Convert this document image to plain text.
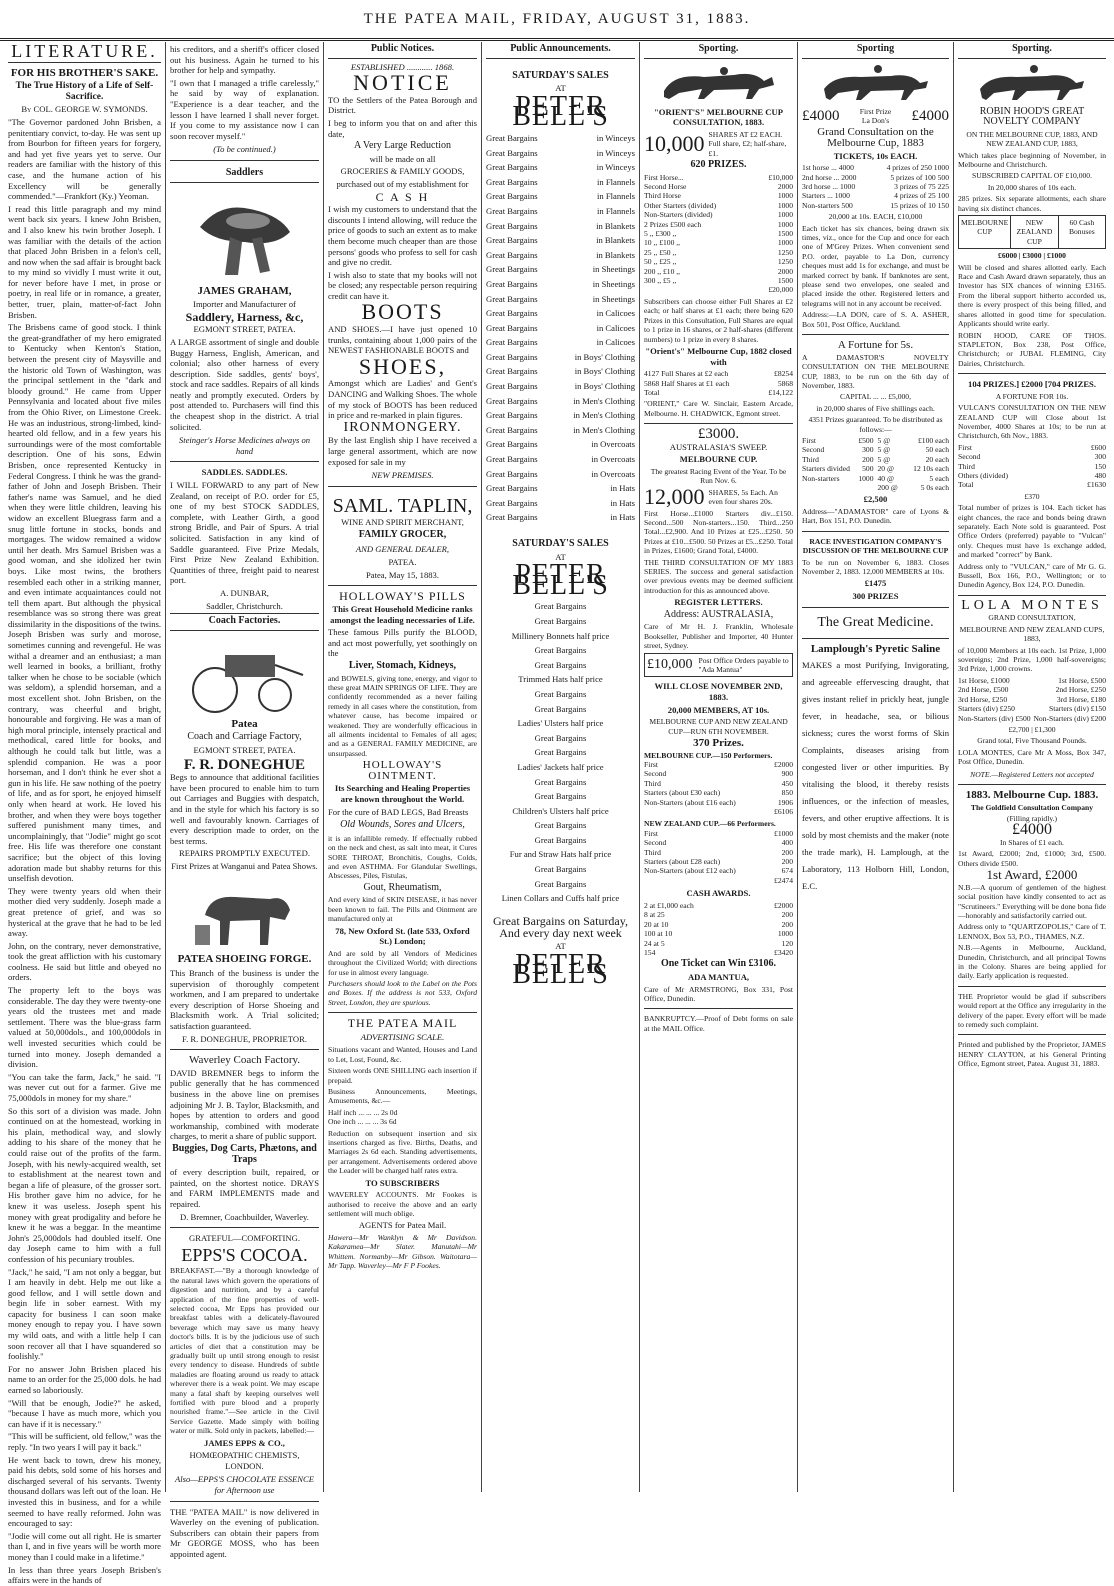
THE PATEA MAIL, FRIDAY, AUGUST 31, 1883.
LITERATURE.
FOR HIS BROTHER'S SAKE.
The True History of a Life of Self-Sacrifice.
By COL. GEORGE W. SYMONDS.

"The Governor pardoned John Brisben, a penitentiary convict, to-day. He was sent up from Bourbon for fifteen years for forgery, and had yet five years yet to serve. Our readers are familiar with the history of this case, and the humane action of his Excellency will be generally commended."—Frankfort (Ky.) Yeoman.

I read this little paragraph and my mind went back six years. I knew John Brisben, and I also knew his twin brother Joseph. I was familiar with the details of the action that placed John Brisben in a felon's cell, and now when the sad affair is brought back to my mind so vividly I must write it out, for never before have I met, in prose or poetry, in real life or in romance, a greater, better, truer, plain, matter-of-fact John Brisben.

The Brisbens came of good stock. I think the great-grandfather of my hero emigrated to Kentucky when Kenton's Station, between the present city of Maysville and the historic old Town of Washington, was the principal settlement in the "dark and bloody ground." He came from Upper Pennsylvania and located about five miles from the Ohio River, on Limestone Creek. He was an industrious, strong-limbed, kind-hearted old fellow, and in a few years his surroundings were of the most comfortable description. One of his sons, Edwin Brisben, once represented Kentucky in Federal Congress. I think he was the grand-father of John and Joseph Brisben. Their father's name was Samuel, and he died when they were little children, leaving his widow an excellent Bluegrass farm and a snug little fortune in stocks, bonds and mortgages. The widow remained a widow until her death. Mrs Samuel Brisben was a good woman, and she idolized her twin boys. Like most twins, the brothers resembled each other in a striking manner, and even intimate acquaintances could not tell them apart. But although the physical resemblance was so strong there was great dissimilarity in the dispositions of the twins. Joseph Brisben was surly and morose, sometimes cunning and revengeful. He was withal a dreamer and an enthusiast; a man well learned in books, a brilliant, frothy talker when he chose to be sociable (which was seldom), a splendid horseman, and a most excellent shot. John Brisben, on the contrary, was cheerful and bright, honourable and forgiving. He was a man of high moral principle, intensely practical and methodical, cared little for books, and although he could talk but little, was a splendid companion. He was a poor horseman, and I don't think he ever shot a gun in his life. He saw nothing of the poetry of life, and as for sport, he enjoyed himself only when heard at work. He loved his brother, and when they were boys together suffered punishment many times, and uncomplainingly, that "Jodie" might go scot free. His life was therefore one constant sacrifice; but the object of this loving adoration made but shabby returns for this unselfish devotion.

They were twenty years old when their mother died very suddenly. Joseph made a great pretence of grief, and was so hysterical at the grave that he had to be led away.

John, on the contrary, never demonstrative, took the great affliction with his customary coolness. He said but little and obeyed no orders.

The property left to the boys was considerable. The day they were twenty-one years old the trustees met and made settlement. There was the blue-grass farm valued at 50,000dols., and 100,000dols in well invested securities which could be turned into money. Joseph demanded a division.

"You can take the farm, Jack," he said. "I was never cut out for a farmer. Give me 75,000dols in money for my share."

So this sort of a division was made. John continued on at the homestead, working in his plain, methodical way, and slowly adding to his share of the money that he could raise out of the profits of the farm. Joseph, with his newly-acquired wealth, set to establishment at the nearest town and began a life of pleasure, of the grosser sort. His brother gave him no advice, for he knew it was useless. Joseph spent his money with great prodigality and before he knew it he was a beggar. In the meantime John's 25,000dols had doubled itself. One day Joseph came to him with a full confession of his pecuniary troubles.

"Jack," he said, "I am not only a beggar, but I am heavily in debt. Help me out like a good fellow, and I will settle down and begin life in sober earnest. With my capacity for business I can soon make money enough to repay you. I have sown my wild oats, and with a little help I can soon recover all that I have squandered so foolishly."

For no answer John Brisben placed his name to an order for the 25,000 dols. he had earned so laboriously.

"Will that be enough, Jodie?" he asked, "because I have as much more, which you can have if it is necessary."

"This will be sufficient, old fellow," was the reply. "In two years I will pay it back."

He went back to town, drew his money, paid his debts, sold some of his horses and discharged several of his servants. Twenty thousand dollars was left out of the loan. He invested this in business, and for a while seemed to have really reformed. John was encouraged to say:

"Jodie will come out all right. He is smarter than I, and in five years will be worth more money than I could make in a lifetime."

In less than three years Joseph Brisben's affairs were in the hands of

his creditors, and a sheriff's officer closed out his business. Again he turned to his brother for help and sympathy.

"I own that I managed a trifle carelessly," he said by way of explanation. "Experience is a dear teacher, and the lesson I have learned I shall never forget. If you come to my assistance now I can soon recover myself."

(To be continued.)
Saddlers
JAMES GRAHAM,
Importer and Manufacturer of
Saddlery, Harness, &c,
EGMONT STREET, PATEA.

A LARGE assortment of single and double Buggy Harness, English, American, and colonial; also other harness of every description. Side saddles, gents' boys', stock and race saddles. Repairs of all kinds neatly and promptly executed. Orders by post attended to. Purchasers will find this the cheapest shop in the district. A trial solicited.

Steinger's Horse Medicines always on hand
SADDLES. SADDLES.

I WILL FORWARD to any part of New Zealand, on receipt of P.O. order for £5, one of my best STOCK SADDLES, complete, with Leather Girth, a good strong Bridle, and Pair of Spurs. A trial solicited. Satisfaction in any kind of Saddle guaranteed. Five Prize Medals, First Prize New Zealand Exhibition. Quantities of three, freight paid to nearest port.

A. DUNBAR,
Saddler, Christchurch.
Coach Factories.
Patea
Coach and Carriage Factory,
EGMONT STREET, PATEA.
F. R. DONEGHUE

Begs to announce that additional facilities have been procured to enable him to turn out Carriages and Buggies with despatch, and in the style for which his factory is so well and favourably known. Carriages of every description made to order, on the best terms.

REPAIRS PROMPTLY EXECUTED.
First Prizes at Wanganui and Patea Shows.
PATEA SHOEING FORGE.

This Branch of the business is under the supervision of thoroughly competent workmen, and I am prepared to undertake every description of Horse Shoeing and Blacksmith work. A Trial solicited; satisfaction guaranteed.

F. R. DONEGHUE, PROPRIETOR.
Waverley Coach Factory.

DAVID BREMNER begs to inform the public generally that he has commenced business in the above line on premises adjoining Mr J. B. Taylor, Blacksmith, and hopes by attention to orders and good workmanship, combined with moderate charges, to merit a share of public support.

Buggies, Dog Carts, Phætons, and Traps

of every description built, repaired, or painted, on the shortest notice. DRAYS and FARM IMPLEMENTS made and repaired.

D. Bremner, Coachbuilder, Waverley.
GRATEFUL—COMFORTING.
EPPS'S COCOA.

BREAKFAST.—"By a thorough knowledge of the natural laws which govern the operations of digestion and nutrition, and by a careful application of the fine properties of well-selected cocoa, Mr Epps has provided our breakfast tables with a delicately-flavoured beverage which may save us many heavy doctor's bills. It is by the judicious use of such articles of diet that a constitution may be gradually built up until strong enough to resist every tendency to disease. Hundreds of subtle maladies are floating around us ready to attack wherever there is a weak point. We may escape many a fatal shaft by keeping ourselves well fortified with pure blood and a properly nourished frame."—See article in the Civil Service Gazette. Made simply with boiling water or milk. Sold only in packets, labelled:—

JAMES EPPS & CO.,
HOMŒOPATHIC CHEMISTS, LONDON.
Also—EPPS'S CHOCOLATE ESSENCE for Afternoon use

THE "PATEA MAIL" is now delivered in Waverley on the evening of publication. Subscribers can obtain their papers from Mr GEORGE MOSS, who has been appointed agent.

Public Notices.
ESTABLISHED ............ 1868.
NOTICE

TO the Settlers of the Patea Borough and District.

I beg to inform you that on and after this date,

A Very Large Reduction
will be made on all
GROCERIES & FAMILY GOODS,
purchased out of my establishment for
C A S H

I wish my customers to understand that the discounts I intend allowing, will reduce the price of goods to such an extent as to make them become much cheaper than are those persons' goods who profess to sell for cash and give no credit.

I wish also to state that my books will not be closed; any respectable person requiring credit can have it.

BOOTS

AND SHOES.—I have just opened 10 trunks, containing about 1,000 pairs of the NEWEST FASHIONABLE BOOTS and

SHOES,

Amongst which are Ladies' and Gent's DANCING and Walking Shoes. The whole of my stock of BOOTS has been reduced in price and re-marked in plain figures.

IRONMONGERY.

By the last English ship I have received a large general assortment, which are now exposed for sale in my

NEW PREMISES.
SAML. TAPLIN,
WINE AND SPIRIT MERCHANT,
FAMILY GROCER,
AND GENERAL DEALER,
PATEA.
Patea, May 15, 1883.
HOLLOWAY'S PILLS
This Great Household Medicine ranks amongst the leading necessaries of Life.

These famous Pills purify the BLOOD, and act most powerfully, yet soothingly on the

Liver, Stomach, Kidneys,

and BOWELS, giving tone, energy, and vigor to these great MAIN SPRINGS OF LIFE. They are confidently recommended as a never failing remedy in all cases where the constitution, from whatever cause, has become impaired or weakened. They are wonderfully efficacious in all ailments incidental to Females of all ages; and as a GENERAL FAMILY MEDICINE, are unsurpassed.

HOLLOWAY'S OINTMENT.
Its Searching and Healing Properties are known throughout the World.

For the cure of BAD LEGS, Bad Breasts

Old Wounds, Sores and Ulcers,

it is an infallible remedy. If effectually rubbed on the neck and chest, as salt into meat, it Cures SORE THROAT, Bronchitis, Coughs, Colds, and even ASTHMA. For Glandular Swellings, Abscesses, Piles, Fistulas,

Gout, Rheumatism,

And every kind of SKIN DISEASE, it has never been known to fail. The Pills and Ointment are manufactured only at

78, New Oxford St. (late 533, Oxford St.) London;

And are sold by all Vendors of Medicines throughout the Civilized World; with directions for use in almost every language.

Purchasers should look to the Label on the Pots and Boxes. If the address is not 533, Oxford Street, London, they are spurious.

THE PATEA MAIL
ADVERTISING SCALE.

Situations vacant and Wanted, Houses and Land to Let, Lost, Found, &c.

Sixteen words ONE SHILLING each insertion if prepaid.

Business Announcements, Meetings, Amusements, &c.—

Half inch ... ... ... 2s 0d
One inch ... ... ... 3s 6d

Reduction on subsequent insertion and six insertions charged as five. Births, Deaths, and Marriages 2s 6d each. Standing advertisements, per arrangement. Advertisements ordered above the Leader will be charged half rates extra.

TO SUBSCRIBERS

WAVERLEY ACCOUNTS. Mr Fookes is authorised to receive the above and an early settlement will much oblige.

AGENTS for Patea Mail.

Hawera—Mr Wanklyn & Mr Davidson. Kakaramea—Mr Slater. Manutahi—Mr Whittem. Normanby—Mr Gibson. Waitotara—Mr Tapp. Waverley—Mr F P Fookes.

Public Announcements.
SATURDAY'S SALES
AT
PETER BELL'S
Great Bargains	in Winceys
Great Bargains	in Winceys
Great Bargains	in Winceys
Great Bargains	in Flannels
Great Bargains	in Flannels
Great Bargains	in Flannels
Great Bargains	in Blankets
Great Bargains	in Blankets
Great Bargains	in Blankets
Great Bargains	in Sheetings
Great Bargains	in Sheetings
Great Bargains	in Sheetings
Great Bargains	in Calicoes
Great Bargains	in Calicoes
Great Bargains	in Calicoes
Great Bargains	in Boys' Clothing
Great Bargains	in Boys' Clothing
Great Bargains	in Boys' Clothing
Great Bargains	in Men's Clothing
Great Bargains	in Men's Clothing
Great Bargains	in Men's Clothing
Great Bargains	in Overcoats
Great Bargains	in Overcoats
Great Bargains	in Overcoats
Great Bargains	in Hats
Great Bargains	in Hats
Great Bargains	in Hats
SATURDAY'S SALES
AT
PETER BELL'S
Great Bargains
Great Bargains
Millinery Bonnets half price
Great Bargains
Great Bargains
Trimmed Hats half price
Great Bargains
Great Bargains
Ladies' Ulsters half price
Great Bargains
Great Bargains
Ladies' Jackets half price
Great Bargains
Great Bargains
Children's Ulsters half price
Great Bargains
Great Bargains
Fur and Straw Hats half price
Great Bargains
Great Bargains
Linen Collars and Cuffs half price
Great Bargains on Saturday,
And every day next week
AT
PETER BELL'S
Sporting.
"ORIENT'S" MELBOURNE CUP CONSULTATION, 1883.
10,000 SHARES AT £2 EACH. Full share, £2; half-share, £1.
620 PRIZES.
First Horse...	£10,000
Second Horse	2000
Third Horse	1000
Other Starters (divided)	1000
Non-Starters (divided)	1000
2 Prizes £500 each	1000
5 ,, £300 ,,	1500
10 ,, £100 ,,	1000
25 ,, £50 ,,	1250
50 ,, £25 ,,	1250
200 ,, £10 ,,	2000
300 ,, £5 ,,	1500
£20,000

Subscribers can choose either Full Shares at £2 each; or half shares at £1 each; there being 620 Prizes in this Consultation, Full Shares are equal to 1 prize in 16 shares, or 2 half-shares (different numbers) to 1 prize in every 8 shares.

"Orient's" Melbourne Cup, 1882 closed with
4127 Full Shares at £2 each	£8254
5868 Half Shares at £1 each	5868
Total	£14,122

"ORIENT," Care W. Sinclair, Eastern Arcade, Melbourne. H. CHADWICK, Egmont street.

£3000.
AUSTRALASIA'S SWEEP.
MELBOURNE CUP.
The greatest Racing Event of the Year. To be Run Nov. 6.
12,000 SHARES, 5s Each. An even four shares 20s.

First Horse...£1000 Starters div...£150. Second...500 Non-starters...150. Third...250 Total...£2,900. And 10 Prizes at £25...£250. 50 Prizes at £10...£500. 50 Prizes at £5...£250. Total in Prizes, £1600; Grand Total, £4000.

THE THIRD CONSULTATION OF MY 1883 SERIES. The success and general satisfaction over previous events may be deemed sufficient introduction for this as announced above.

REGISTER LETTERS.
Address: AUSTRALASIA,

Care of Mr H. J. Franklin, Wholesale Bookseller, Publisher and Importer, 40 Hunter street, Sydney.

£10,000 Post Office Orders payable to "Ada Mantua"
WILL CLOSE NOVEMBER 2ND, 1883.
20,000 MEMBERS, AT 10s.
MELBOURNE CUP AND NEW ZEALAND CUP—RUN 6TH NOVEMBER.
370 Prizes.
MELBOURNE CUP.—150 Performers.
First	£2000
Second	900
Third	450
Starters (about £30 each)	850
Non-Starters (about £16 each)	1906
£6106
NEW ZEALAND CUP.—66 Performers.
First	£1000
Second	400
Third	200
Starters (about £28 each)	200
Non-Starters (about £12 each)	674
£2474
CASH AWARDS.
2 at £1,000 each	£2000
8 at 25	200
20 at 10	200
100 at 10	1000
24 at 5	120
154	£3420
One Ticket can Win £3106.
ADA MANTUA,

Care of Mr ARMSTRONG, Box 331, Post Office, Dunedin.

BANKRUPTCY.—Proof of Debt forms on sale at the MAIL Office.

Sporting
£4000	First Prize La Don's £4000
Grand Consultation on the Melbourne Cup, 1883
TICKETS, 10s EACH.
1st horse ... 4000	4 prizes of 250 1000
2nd horse ... 2000	5 prizes of 100 500
3rd horse ... 1000	3 prizes of 75 225
Starters ... 1000	4 prizes of 25 100
Non-starters 500	15 prizes of 10 150
20,000 at 10s. EACH, £10,000

Each ticket has six chances, being drawn six times, viz., once for the Cup and once for each one of M'Grey Prizes. When convenient send P.O. order, payable to La Don, currency cheques must add 1s for exchange, and must be marked correct by bank. If banknotes are sent, please send two envelopes, one sealed and placed inside the other. Registered letters and telegrams will not in any account be received.

Address:—LA DON, care of S. A. ASHER, Box 501, Post Office, Auckland.

A Fortune for 5s.

A DAMASTOR'S NOVELTY CONSULTATION ON THE MELBOURNE CUP, 1883, to be run on the 6th day of November, 1883.

CAPITAL ... ... £5,000,
in 20,000 shares of Five shillings each.
4351 Prizes guaranteed. To be distributed as follows:—
First	£500
Second	300
Third	200
Starters divided 500
Non-starters 1000
5 @	£100 each
5 @	50 each
5 @	20 each
20 @	12 10s each
40 @	5 each
200 @	5 0s each
£2,500

Address—"ADAMASTOR" care of Lyons & Hart, Box 151, P.O. Dunedin.

RACE INVESTIGATION COMPANY'S DISCUSSION OF THE MELBOURNE CUP

To be run on November 6, 1883. Closes November 2, 1883. 12,000 MEMBERS at 10s.

£1475
300 PRIZES
The Great Medicine.
Lamplough's Pyretic Saline

MAKES a most Purifying, Invigorating, and agreeable effervescing draught, that gives instant relief in prickly heat, jungle fever, in headache, sea, or bilious sickness; cures the worst forms of Skin Complaints, diseases arising from congested liver or other impurities. By vitalising the blood, it thereby resists influences, or the infection of measles, fevers, and other eruptive affections. It is sold by most chemists and the maker (note the trade mark), H. Lamplough, at the Laboratory, 113 Holborn Hill, London, E.C.

Sporting.
ROBIN HOOD'S GREAT NOVELTY COMPANY
ON THE MELBOURNE CUP, 1883, AND NEW ZEALAND CUP, 1883,

Which takes place beginning of November, in Melbourne and Christchurch.

SUBSCRIBED CAPITAL OF £10,000.
In 20,000 shares of 10s each.

285 prizes. Six separate allotments, each share having six distinct chances.

MELBOURNE CUP
NEW ZEALAND CUP
60 Cash Bonuses
£6000 | £3000 | £1000

Will be closed and shares allotted early. Each Race and Cash Award drawn separately, thus an Investor has SIX chances of winning £3165. From the liberal support hitherto accorded us, there is every prospect of this being filled, and shares allotted in good time for speculation. Applicants should write early.

ROBIN HOOD, CARE OF THOS. STAPLETON, Box 238, Post Office, Christchurch; or JUBAL FLEMING, City Dairies, Christchurch.

104 PRIZES.] £2000 [704 PRIZES.
A FORTUNE FOR 10s.

VULCAN'S CONSULTATION ON THE NEW ZEALAND CUP will Close about 1st November, 4000 Shares at 10s; to be run at Christchurch, 6th Nov., 1883.

First	£600
Second	300
Third	150
Others (divided)	480
Total	£1630
£370

Total number of prizes is 104. Each ticket has eight chances, the race and bonds being drawn separately. Each Note sold is guaranteed. Post Office Orders (preferred) payable to "Vulcan" only. Cheques must have 1s exchange added, and marked "correct" by Bank.

Address only to "VULCAN," care of Mr G. G. Bussell, Box 166, P.O., Wellington; or to Dunedin Agency, Box 124, P.O. Dunedin.

LOLA MONTES
GRAND CONSULTATION,
MELBOURNE AND NEW ZEALAND CUPS, 1883,

of 10,000 Members at 10s each. 1st Prize, 1,000 sovereigns; 2nd Prize, 1,000 half-sovereigns; 3rd Prize, 1,000 crowns.

1st Horse, £1000	1st Horse, £500
2nd Horse, £500	2nd Horse, £250
3rd Horse, £250	3rd Horse, £180
Starters (div) £250	Starters (div) £150
Non-Starters (div) £500 Non-Starters (div) £200
£2,700 | £1,300
Grand total, Five Thousand Pounds.

LOLA MONTES, Care Mr A Moss, Box 347, Post Office, Dunedin.

NOTE.—Registered Letters not accepted
1883. Melbourne Cup. 1883.
The Goldfield Consultation Company
(Filling rapidly.)
£4000
In Shares of £1 each.

1st Award, £2000; 2nd, £1000; 3rd, £500. Others divide £500.

1st Award, £2000

N.B.—A quorum of gentlemen of the highest social position have kindly consented to act as "Scrutineers." Everything will be done bona fide—honorably and satisfactorily carried out.

Address only to "QUARTZOPOLIS," Care of T. LENNOX, Box 53, P.O., THAMES, N.Z.

N.B.—Agents in Melbourne, Auckland, Dunedin, Christchurch, and all principal Towns in the Colony. Shares are being applied for daily. Early application is requested.

THE Proprietor would be glad if subscribers would report at the Office any irregularity in the delivery of the paper. Every effort will be made to remedy such complaint.

Printed and published by the Proprietor, JAMES HENRY CLAYTON, at his General Printing Office, Egmont street, Patea. August 31, 1883.
